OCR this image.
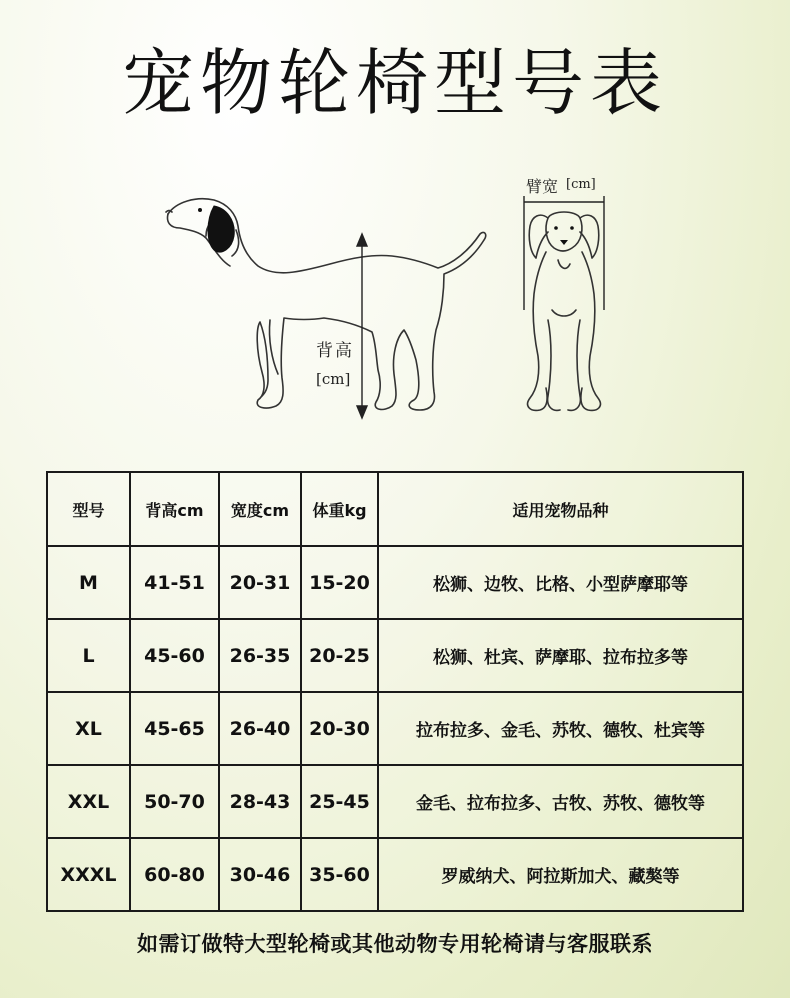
宠物轮椅型号表
背高
[cm]
臂宽 [cm]
型号	背高cm	宽度cm	体重kg	适用宠物品种
M	41-51	20-31	15-20	松狮、边牧、比格、小型萨摩耶等
L	45-60	26-35	20-25	松狮、杜宾、萨摩耶、拉布拉多等
XL	45-65	26-40	20-30	拉布拉多、金毛、苏牧、德牧、杜宾等
XXL	50-70	28-43	25-45	金毛、拉布拉多、古牧、苏牧、德牧等
XXXL	60-80	30-46	35-60	罗威纳犬、阿拉斯加犬、藏獒等
如需订做特大型轮椅或其他动物专用轮椅请与客服联系
